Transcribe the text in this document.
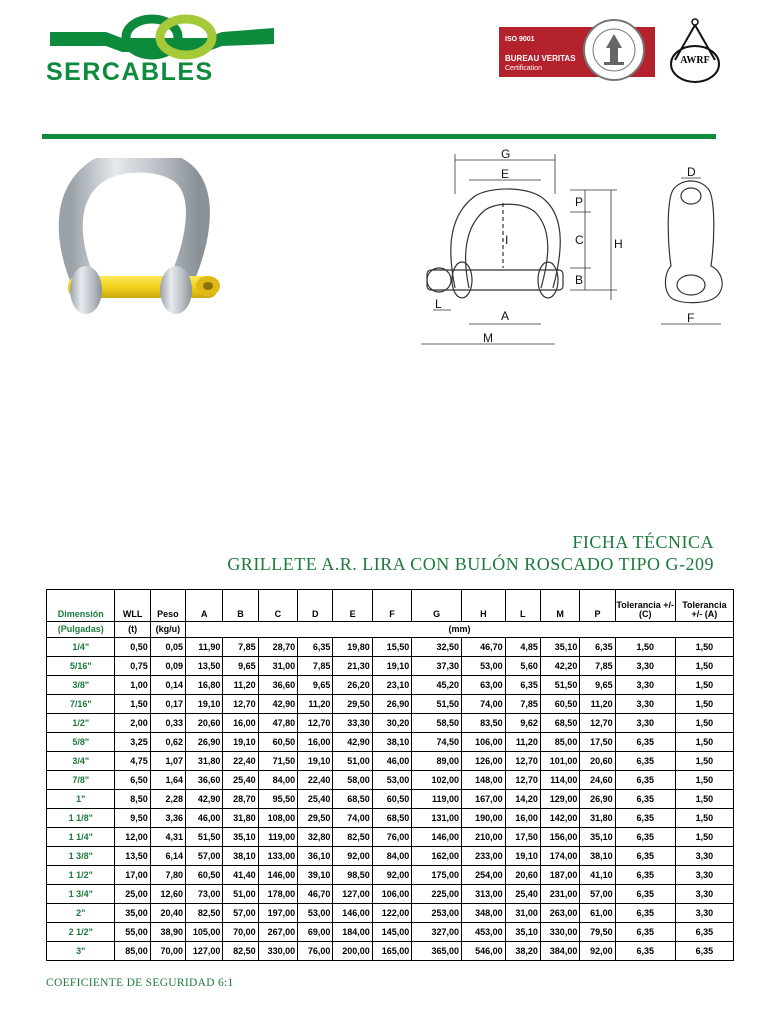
SERCABLES
ISO 9001
BUREAU VERITAS
Certification
AWRF
G
E
P
C	H
I
B
L
A
M
D
F
FICHA TÉCNICA
GRILLETE A.R. LIRA CON BULÓN ROSCADO TIPO G-209
Dimensión	WLL	Peso	A	B	C	D	E	F	G	H	L	M	P	Tolerancia +/- (C)	Tolerancia +/- (A)
(Pulgadas)	(t)	(kg/u)	(mm)												
1/4"	0,50	0,05	11,90	7,85	28,70	6,35	19,80	15,50	32,50	46,70	4,85	35,10	6,35	1,50	1,50
5/16"	0,75	0,09	13,50	9,65	31,00	7,85	21,30	19,10	37,30	53,00	5,60	42,20	7,85	3,30	1,50
3/8"	1,00	0,14	16,80	11,20	36,60	9,65	26,20	23,10	45,20	63,00	6,35	51,50	9,65	3,30	1,50
7/16"	1,50	0,17	19,10	12,70	42,90	11,20	29,50	26,90	51,50	74,00	7,85	60,50	11,20	3,30	1,50
1/2"	2,00	0,33	20,60	16,00	47,80	12,70	33,30	30,20	58,50	83,50	9,62	68,50	12,70	3,30	1,50
5/8"	3,25	0,62	26,90	19,10	60,50	16,00	42,90	38,10	74,50	106,00	11,20	85,00	17,50	6,35	1,50
3/4"	4,75	1,07	31,80	22,40	71,50	19,10	51,00	46,00	89,00	126,00	12,70	101,00	20,60	6,35	1,50
7/8"	6,50	1,64	36,60	25,40	84,00	22,40	58,00	53,00	102,00	148,00	12,70	114,00	24,60	6,35	1,50
1"	8,50	2,28	42,90	28,70	95,50	25,40	68,50	60,50	119,00	167,00	14,20	129,00	26,90	6,35	1,50
1 1/8"	9,50	3,36	46,00	31,80	108,00	29,50	74,00	68,50	131,00	190,00	16,00	142,00	31,80	6,35	1,50
1 1/4"	12,00	4,31	51,50	35,10	119,00	32,80	82,50	76,00	146,00	210,00	17,50	156,00	35,10	6,35	1,50
1 3/8"	13,50	6,14	57,00	38,10	133,00	36,10	92,00	84,00	162,00	233,00	19,10	174,00	38,10	6,35	3,30
1 1/2"	17,00	7,80	60,50	41,40	146,00	39,10	98,50	92,00	175,00	254,00	20,60	187,00	41,10	6,35	3,30
1 3/4"	25,00	12,60	73,00	51,00	178,00	46,70	127,00	106,00	225,00	313,00	25,40	231,00	57,00	6,35	3,30
2"	35,00	20,40	82,50	57,00	197,00	53,00	146,00	122,00	253,00	348,00	31,00	263,00	61,00	6,35	3,30
2 1/2"	55,00	38,90	105,00	70,00	267,00	69,00	184,00	145,00	327,00	453,00	35,10	330,00	79,50	6,35	6,35
3"	85,00	70,00	127,00	82,50	330,00	76,00	200,00	165,00	365,00	546,00	38,20	384,00	92,00	6,35	6,35
COEFICIENTE DE SEGURIDAD 6:1
